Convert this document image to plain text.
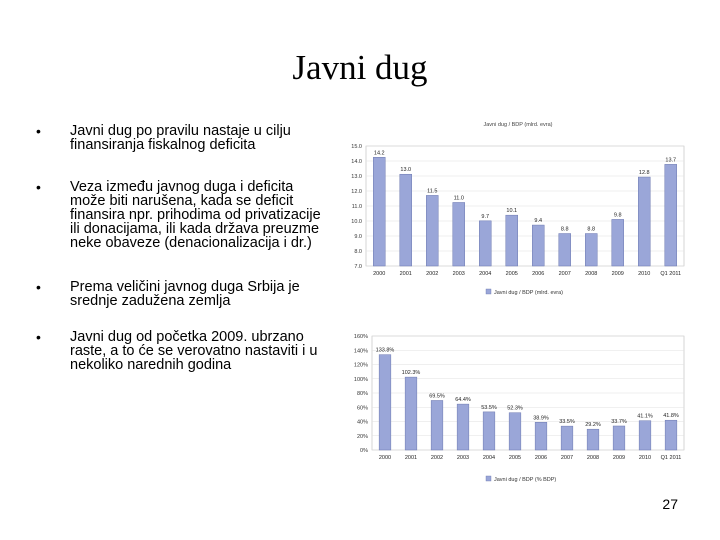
Javni dug
• Javni dug po pravilu nastaje u cilju finansiranja fiskalnog deficita
• Veza između javnog duga i deficita može biti narušena, kada se deficit finansira npr. prihodima od privatizacije ili donacijama, ili kada država preuzme neke obaveze (denacionalizacija i dr.)
• Prema veličini javnog duga Srbija je srednje zadužena zemlja
• Javni dug od početka 2009. ubrzano raste, a to će se verovatno nastaviti i u nekoliko narednih godina
Javni dug / BDP (mlrd. evra)
15.0
14.0
13.0
12.0
11.0
10.0
9.0
8.0
7.0
14.2
2000
13.0
2001
11.5
2002
11.0
2003
9.7
2004
10.1
2005
9.4
2006
8.8
2007
8.8
2008
9.8
2009
12.8
2010
13.7
Q1 2011
Javni dug / BDP (mlrd. evra)
160%
140%
120%
100%
80%
60%
40%
20%
0%
133.8%
2000
102.3%
2001
69.5%
2002
64.4%
2003
53.5%
2004
52.3%
2005
38.9%
2006
33.5%
2007
29.2%
2008
33.7%
2009
41.1%
2010
41.8%
Q1 2011
Javni dug / BDP (% BDP)
27
